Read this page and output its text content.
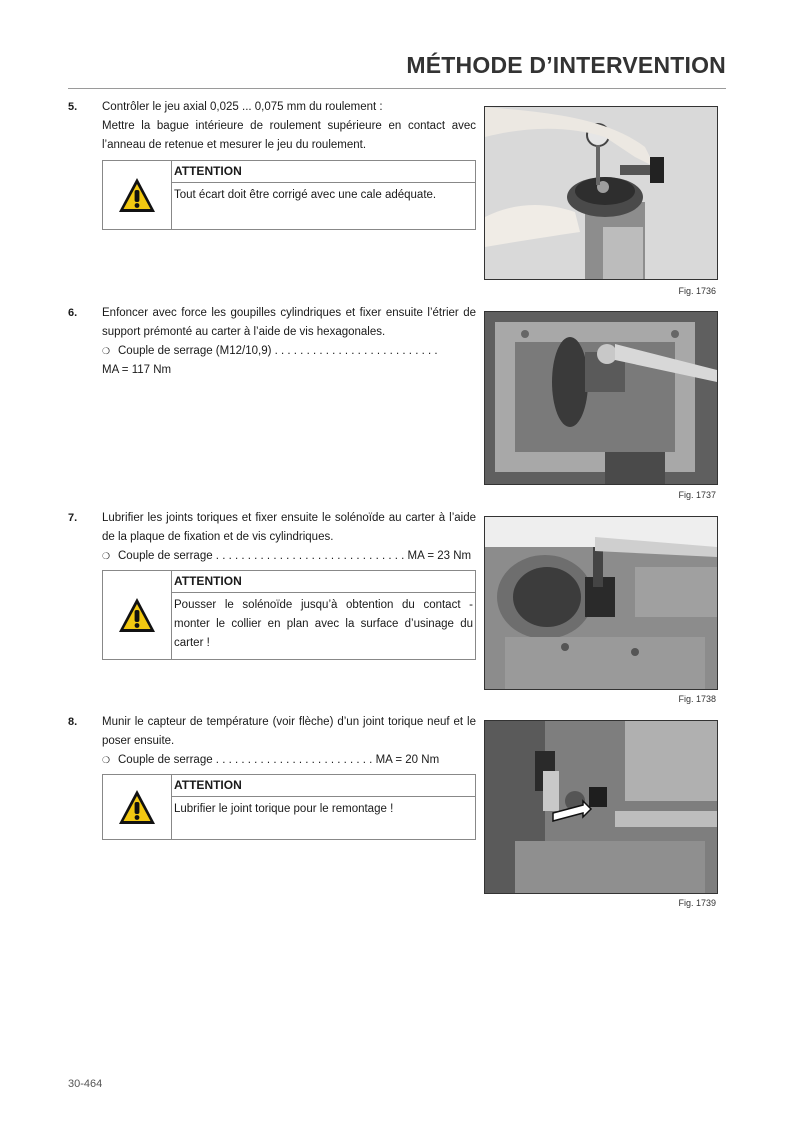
MÉTHODE D’INTERVENTION
5. Contrôler le jeu axial 0,025 ... 0,075 mm du roulement :

Mettre la bague intérieure de roulement supérieure en contact avec l’anneau de retenue et mesurer le jeu du roulement.

ATTENTION
Tout écart doit être corrigé avec une cale adéquate.
Fig. 1736
6. Enfoncer avec force les goupilles cylindriques et fixer ensuite l’étrier de support prémonté au carter à l’aide de vis hexagonales.

❍ Couple de serrage (M12/10,9) . . . . . . . . . . . . . . . . . . . . . . . . . .

MA = 117 Nm

Fig. 1737
7. Lubrifier les joints toriques et fixer ensuite le solénoïde au carter à l’aide de la plaque de fixation et de vis cylindriques.

❍ Couple de serrage . . . . . . . . . . . . . . . . . . . . . . . . . . . . . . MA = 23 Nm

ATTENTION
Pousser le solénoïde jusqu’à obtention du contact - monter le collier en plan avec la surface d’usinage du carter !
Fig. 1738
8. Munir le capteur de température (voir flèche) d’un joint torique neuf et le poser ensuite.

❍ Couple de serrage . . . . . . . . . . . . . . . . . . . . . . . . . MA = 20 Nm

ATTENTION
Lubrifier le joint torique pour le remontage !
Fig. 1739
30-464
